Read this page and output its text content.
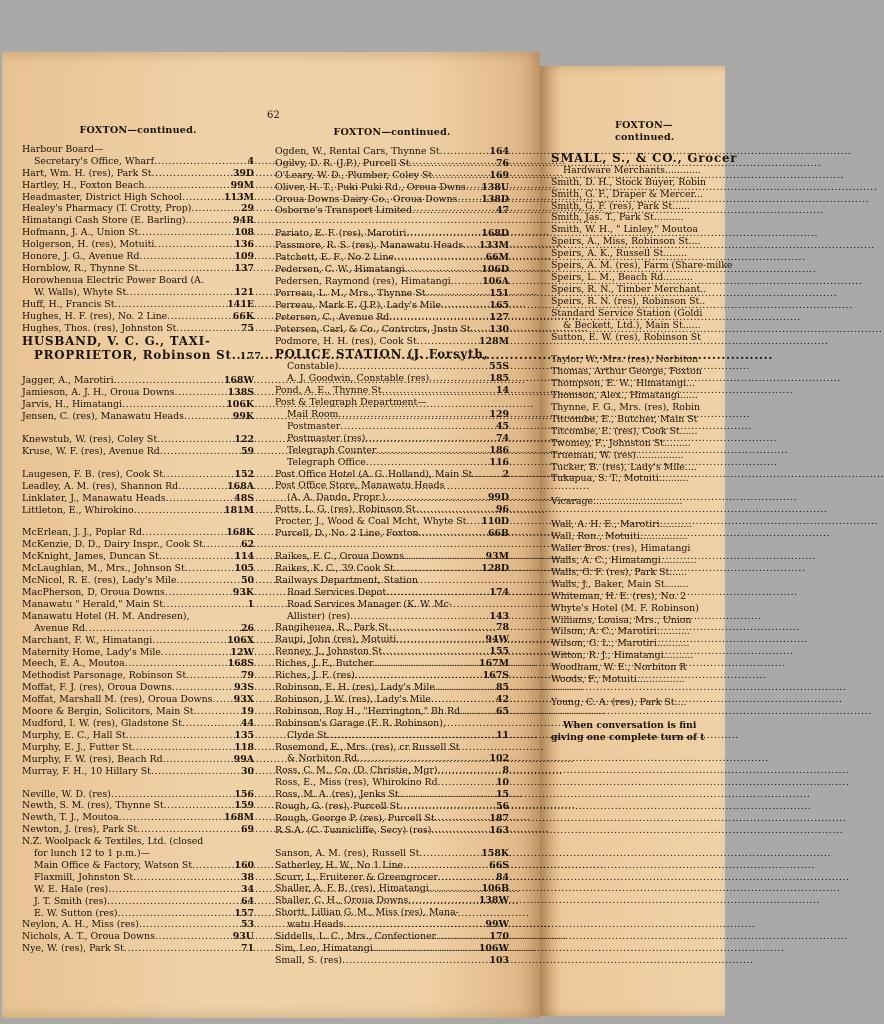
62
FOXTON—continued.
Harbour Board—
Secretary's Office, Wharf .....	4
Hart, Wm. H. (res), Park St .....	39D
Hartley, H., Foxton Beach .....	99M
Headmaster, District High School .....	113M
Healey's Pharmacy (T. Crotty, Prop) .....	29
Himatangi Cash Store (E. Barling) .....	94R
Hofmann, J. A., Union St .....	108
Holgerson, H. (res), Motuiti .....	136
Honore, J. G., Avenue Rd .....	109
Hornblow, R., Thynne St .....	137
Horowhenua Electric Power Board (A.
W. Walls), Whyte St .....	121
Huff, H., Francis St .....	141E
Hughes, H. F. (res), No. 2 Line .....	66K
Hughes, Thos. (res), Johnston St .....	75
HUSBAND, V. C. G., TAXI-
PROPRIETOR, Robinson St ..... 177
Jagger, A., Marotiri .....	168W
Jamieson, A. J. H., Oroua Downs .....	138S
Jarvis, H., Himatangi .....	106K
Jensen, C. (res), Manawatu Heads .....	99K
Knewstub, W. (res), Coley St .....	122
Kruse, W. F. (res), Avenue Rd .....	59
Laugesen, F. B. (res), Cook St .....	152
Leadley, A. M. (res), Shannon Rd .....	168A
Linklater, J., Manawatu Heads .....	48S
Littleton, E., Whirokino .....	181M
McErlean, J. J., Poplar Rd .....	168K
McKenzie, D. D., Dairy Inspr., Cook St .....	62
McKnight, James, Duncan St .....	114
McLaughlan, M., Mrs., Johnson St .....	105
McNicol, R. E. (res), Lady's Mile .....	50
MacPherson, D, Oroua Downs .....	93K
Manawatu " Herald," Main St .....	1
Manawatu Hotel (H. M. Andresen),
Avenue Rd .....	26
Marchant, F. W., Himatangi .....	106X
Maternity Home, Lady's Mile .....	12W
Meech, E. A., Moutoa .....	168S
Methodist Parsonage, Robinson St .....	79
Moffat, F. J. (res), Oroua Downs .....	93S
Moffat, Marshall M. (res), Oroua Downs ..... 93X
Moore & Bergin, Solicitors, Main St .....	19
Mudford, I. W. (res), Gladstone St .....	44
Murphy, E. C., Hall St .....	135
Murphy, E. J., Futter St .....	118
Murphy, F. W. (res), Beach Rd .....	99A
Murray, F. H., 10 Hillary St .....	30
Neville, W. D. (res) .....	156
Newth, S. M. (res), Thynne St .....	159
Newth, T. J., Moutoa .....	168M
Newton, J. (res), Park St .....	69
N.Z. Woolpack & Textiles, Ltd. (closed
for lunch 12 to 1 p.m.)—
Main Office & Factory, Watson St .....	160
Flaxmill, Johnston St .....	38
W. E. Hale (res) .....	34
J. T. Smith (res) .....	64
E. W. Sutton (res) .....	157
Neylon, A. H., Miss (res) .....	53
Nichols, A. T., Oroua Downs .....	93U
Nye, W. (res), Park St .....	71
FOXTON—continued.
Ogden, W., Rental Cars, Thynne St .....	164
Ogilvy, D. R. (J.P.), Purcell St .....	76
O'Leary, W. D., Plumber, Coley St .....	169
Oliver, H. T., Puki Puki Rd., Oroua Dwns ..... 138U
Oroua Downs Dairy Co., Oroua Downs .....	138D
Osborne's Transport Limited .....	47
Pariato, E. F. (res), Marotiri .....	168D
Passmore, R. S. (res), Manawatu Heads ..... 133M
Patchett, E. F., No 2 Line .....	66M
Pedersen, C. W., Himatangi .....	106D
Pedersen, Raymond (res), Himatangi .....	106A
Perreau, L. M., Mrs., Thynne St .....	151
Perreau, Mark E. (J.P.), Lady's Mile .....	165
Petersen, C., Avenue Rd .....	127
Petersen, Carl, & Co., Contrctrs, Jnstn St ..... 130
Podmore, H. H. (res), Cook St .....	128M
POLICE STATION (J. Forsyth,
Constable) .....	55S
A. J. Goodwin, Constable (res) .....	185
Pond, A. E., Thynne St .....	14
Post & Telegraph Department—
Mail Room .....	129
Postmaster .....	45
Postmaster (res) .....	74
Telegraph Counter .....	186
Telegraph Office .....	116
Post Office Hotel (A. G. Holland), Main St .....	2
Post Office Store, Manawatu Heads
(A. A. Dando, Propr.) .....	99D
Potts, L. G. (res), Robinson St .....	96
Procter, J., Wood & Coal Mcht, Whyte St ..... 110D
Purcell, D., No. 2 Line, Foxton .....	66B
Raikes, F. C., Oroua Downs .....	93M
Raikes, K. C., 39 Cook St .....	128D
Railways Department, Station
Road Services Depot .....	174
Road Services Manager (K. W. Mc-
Allister) (res) .....	143
Rangiheuea, R., Park St .....	78
Raupi, John (res), Motuiti .....	94W
Renney, J., Johnston St .....	155
Riches, J. F., Butcher .....	167M
Riches, J. F. (res) .....	167S
Robinson, E. H. (res), Lady's Mile .....	85
Robinson, J. W. (res), Lady's Mile .....	42
Robinson, Roy H., "Herrington," Bh Rd .....	65
Robinson's Garage (F. R. Robinson),
Clyde St .....	11
Rosemond, E., Mrs. (res), cr Russell St
& Norbiton Rd .....	102
Ross, C. M., Co. (D. Christie, Mgr) .....	8
Ross, E., Miss (res), Whirokino Rd .....	10
Ross, M. A. (res), Jenks St .....	15
Rough, G. (res), Purcell St .....	56
Rough, George P. (res), Purcell St .....	187
R.S.A. (C. Tunnicliffe, Secy) (res) .....	163
Sanson, A. M. (res), Russell St .....	158K
Satherley, H. W., No 1 Line .....	66S
Scurr, I., Fruiterer & Greengrocer .....	84
Shaller, A. F. B. (res), Himatangi .....	106B
Shaller, C. H., Oroua Downs .....	138W
Shortt, Lillian G. M., Miss (res), Mana-
watu Heads .....	99W
Siddells, L. C., Mrs., Confectioner .....	170
Sim, Leo, Himatangi .....	106W
Small, S. (res) .....	103
FOXTON—continued.
SMALL, S., & CO., Grocer
Hardware Merchants............
Smith, D. H., Stock Buyer, Robin
Smith, G. F., Draper & Mercer...
Smith, G. F. (res), Park St......
Smith, Jas. T., Park St..........
Smith, W. H., " Linley," Moutoa
Speirs, A., Miss, Robinson St....
Speirs, A. K., Russell St........
Speirs, A. M. (res), Farm (Share-milke
Speirs, L. M., Beach Rd..........
Speirs, R. N., Timber Merchant..
Speirs, R. N. (res), Robinson St..
Standard Service Station (Goldi
& Beckett, Ltd.), Main St......
Sutton, E. W. (res), Robinson St
Taylor, W., Mrs. (res), Norbiton
Thomas, Arthur George, Foxton
Thompson, E. W., Himatangi...
Thomson, Alex., Himatangi......
Thynne, F. G., Mrs. (res), Robin
Titcombe, E., Butcher, Main St
Titcombe, E. (res), Cook St......
Twomey, F., Johnston St.........
Trueman, W. (res)................
Tucker, B. (res), Lady's Mile....
Tukapua, S. T., Motuiti..........
Vicarage..............................
Wall, A. H. E., Marotiri...........
Wall, Ron., Motuiti................
Waller Bros. (res), Himatangi
Walls, A. C., Himatangi............
Walls, G. F. (res), Park St......
Walls, J., Baker, Main St........
Whiteman, H. E. (res), No. 2
Whyte's Hotel (M. F. Robinson)
Williams, Louisa, Mrs., Union
Wilson, A. C., Marotiri...........
Wilson, G. L., Marotiri...........
Witton, R. J., Himatangi..........
Woodham, W. E., Norbiton R
Woods, F., Motuiti................
Young, C. A. (res), Park St....
When conversation is fini
giving one complete turn of t
